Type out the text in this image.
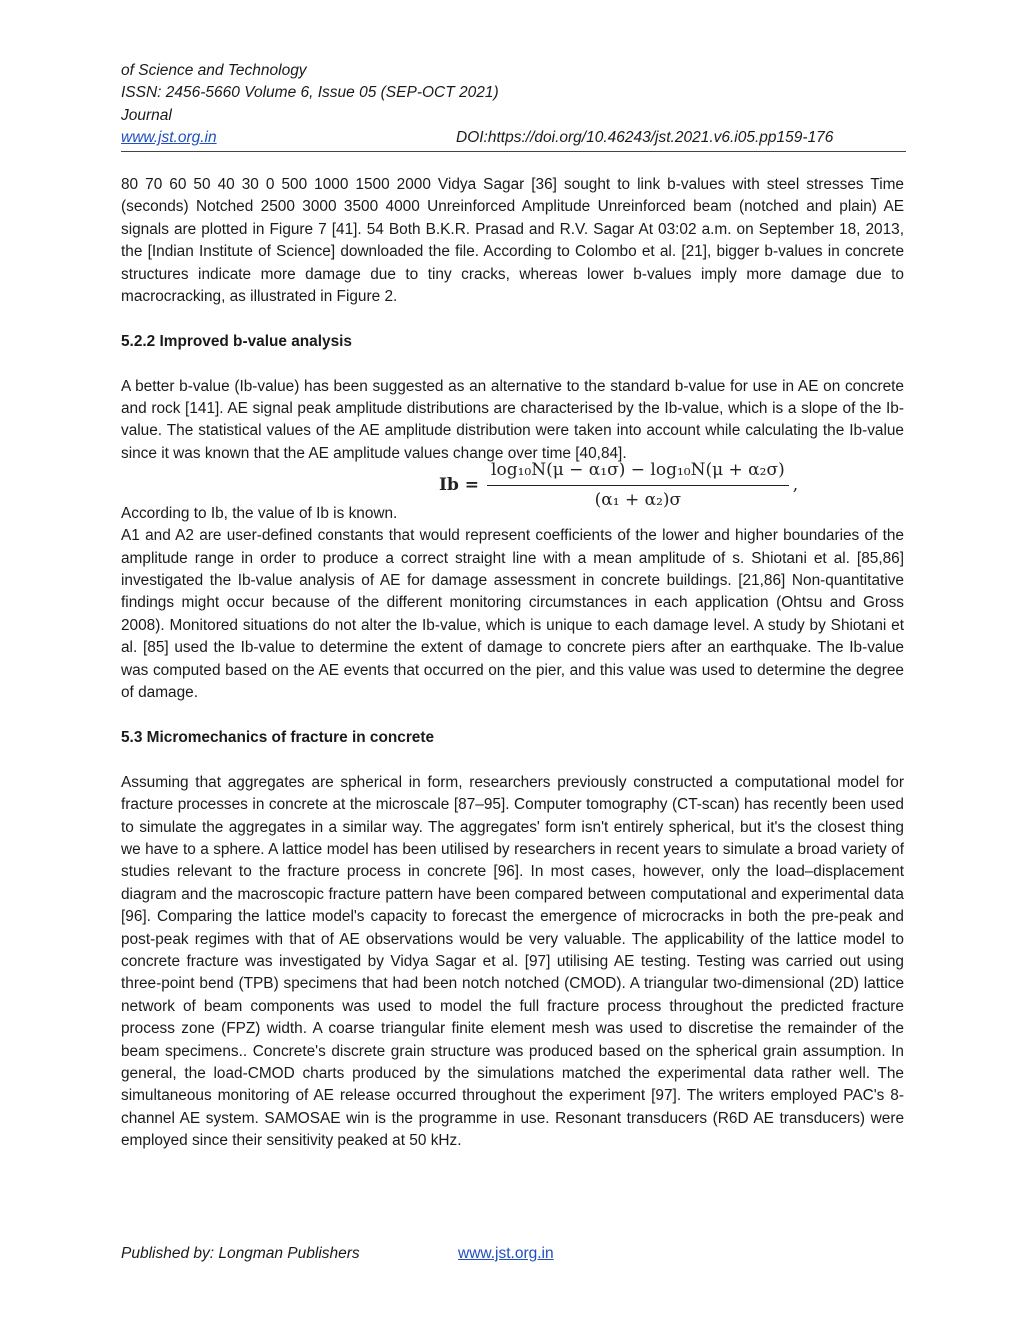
of Science and Technology
ISSN: 2456-5660 Volume 6, Issue 05 (SEP-OCT 2021)
Journal
www.jst.org.in	DOI:https://doi.org/10.46243/jst.2021.v6.i05.pp159-176

80 70 60 50 40 30 0 500 1000 1500 2000 Vidya Sagar [36] sought to link b-values with steel stresses Time (seconds) Notched 2500 3000 3500 4000 Unreinforced Amplitude Unreinforced beam (notched and plain) AE signals are plotted in Figure 7 [41]. 54 Both B.K.R. Prasad and R.V. Sagar At 03:02 a.m. on September 18, 2013, the [Indian Institute of Science] downloaded the file. According to Colombo et al. [21], bigger b-values in concrete structures indicate more damage due to tiny cracks, whereas lower b-values imply more damage due to macrocracking, as illustrated in Figure 2.

5.2.2 Improved b-value analysis

A better b-value (Ib-value) has been suggested as an alternative to the standard b-value for use in AE on concrete and rock [141]. AE signal peak amplitude distributions are characterised by the Ib-value, which is a slope of the Ib-value. The statistical values of the AE amplitude distribution were taken into account while calculating the Ib-value since it was known that the AE amplitude values change over time [40,84].

$Ib = \frac{\text{log₁₀N(μ − α₁σ) − log₁₀N(μ + α₂σ)}}{\text{(α₁ + α₂)σ}}$ ,
According to Ib, the value of Ib is known.

A1 and A2 are user-defined constants that would represent coefficients of the lower and higher boundaries of the amplitude range in order to produce a correct straight line with a mean amplitude of s. Shiotani et al. [85,86] investigated the Ib-value analysis of AE for damage assessment in concrete buildings. [21,86] Non-quantitative findings might occur because of the different monitoring circumstances in each application (Ohtsu and Gross 2008). Monitored situations do not alter the Ib-value, which is unique to each damage level. A study by Shiotani et al. [85] used the Ib-value to determine the extent of damage to concrete piers after an earthquake. The Ib-value was computed based on the AE events that occurred on the pier, and this value was used to determine the degree of damage.

5.3 Micromechanics of fracture in concrete

Assuming that aggregates are spherical in form, researchers previously constructed a computational model for fracture processes in concrete at the microscale [87–95]. Computer tomography (CT-scan) has recently been used to simulate the aggregates in a similar way. The aggregates' form isn't entirely spherical, but it's the closest thing we have to a sphere. A lattice model has been utilised by researchers in recent years to simulate a broad variety of studies relevant to the fracture process in concrete [96]. In most cases, however, only the load–displacement diagram and the macroscopic fracture pattern have been compared between computational and experimental data [96]. Comparing the lattice model's capacity to forecast the emergence of microcracks in both the pre-peak and post-peak regimes with that of AE observations would be very valuable. The applicability of the lattice model to concrete fracture was investigated by Vidya Sagar et al. [97] utilising AE testing. Testing was carried out using three-point bend (TPB) specimens that had been notch notched (CMOD). A triangular two-dimensional (2D) lattice network of beam components was used to model the full fracture process throughout the predicted fracture process zone (FPZ) width. A coarse triangular finite element mesh was used to discretise the remainder of the beam specimens.. Concrete's discrete grain structure was produced based on the spherical grain assumption. In general, the load-CMOD charts produced by the simulations matched the experimental data rather well. The simultaneous monitoring of AE release occurred throughout the experiment [97]. The writers employed PAC's 8-channel AE system. SAMOSAE win is the programme in use. Resonant transducers (R6D AE transducers) were employed since their sensitivity peaked at 50 kHz.

Published by: Longman Publishers	www.jst.org.in
